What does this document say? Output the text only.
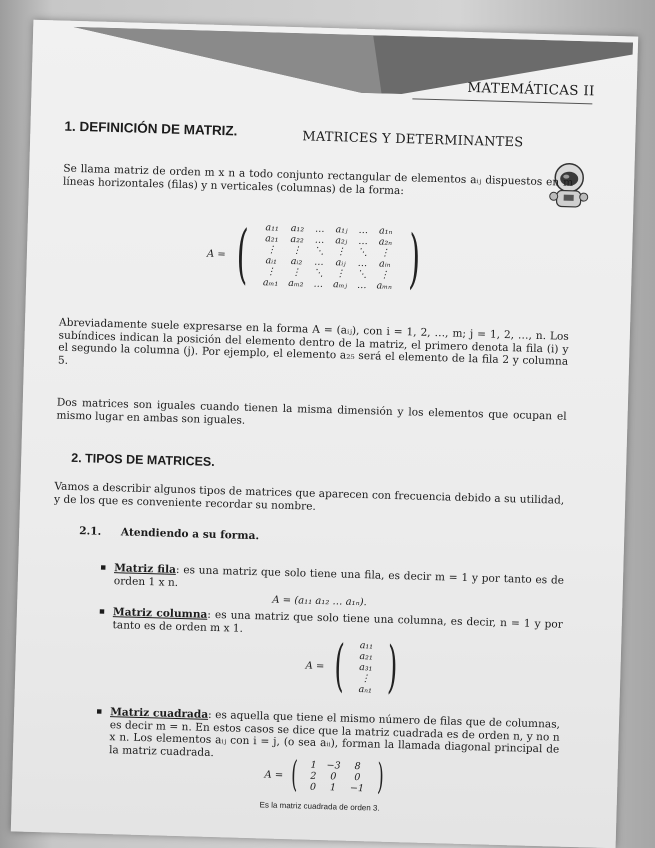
MATEMÁTICAS II
1. DEFINICIÓN DE MATRIZ.
MATRICES Y DETERMINANTES
Se llama matriz de orden m x n a todo conjunto rectangular de elementos aᵢⱼ dispuestos en m líneas horizontales (filas) y n verticales (columnas) de la forma:
A = ( a₁₁	a₁₂	…	a₁ⱼ	…	a₁ₙ
a₂₁	a₂₂	…	a₂ⱼ	…	a₂ₙ
⋮	⋮	⋱	⋮	⋱	⋮
aᵢ₁	aᵢ₂	…	aᵢⱼ	…	aᵢₙ
⋮	⋮	⋱	⋮	⋱	⋮
aₘ₁	aₘ₂	…	aₘⱼ	…	aₘₙ )
Abreviadamente suele expresarse en la forma A = (aᵢⱼ), con i = 1, 2, …, m; j = 1, 2, …, n. Los subíndices indican la posición del elemento dentro de la matriz, el primero denota la fila (i) y el segundo la columna (j). Por ejemplo, el elemento a₂₅ será el elemento de la fila 2 y columna 5.
Dos matrices son iguales cuando tienen la misma dimensión y los elementos que ocupan el mismo lugar en ambas son iguales.
2. TIPOS DE MATRICES.
Vamos a describir algunos tipos de matrices que aparecen con frecuencia debido a su utilidad, y de los que es conveniente recordar su nombre.
2.1. Atendiendo a su forma.
▪ Matriz fila: es una matriz que solo tiene una fila, es decir m = 1 y por tanto es de orden 1 x n.
A = (a₁₁ a₁₂ … a₁ₙ).
▪ Matriz columna: es una matriz que solo tiene una columna, es decir, n = 1 y por tanto es de orden m x 1.
A = ( a₁₁
a₂₁
a₃₁
⋮
aₙ₁ )
▪ Matriz cuadrada: es aquella que tiene el mismo número de filas que de columnas, es decir m = n. En estos casos se dice que la matriz cuadrada es de orden n, y no n x n. Los elementos aᵢⱼ con i = j, (o sea aᵢᵢ), forman la llamada diagonal principal de la matriz cuadrada.
A = ( 1	−3	8
2	0	0
0	1	−1 )
Es la matriz cuadrada de orden 3.
